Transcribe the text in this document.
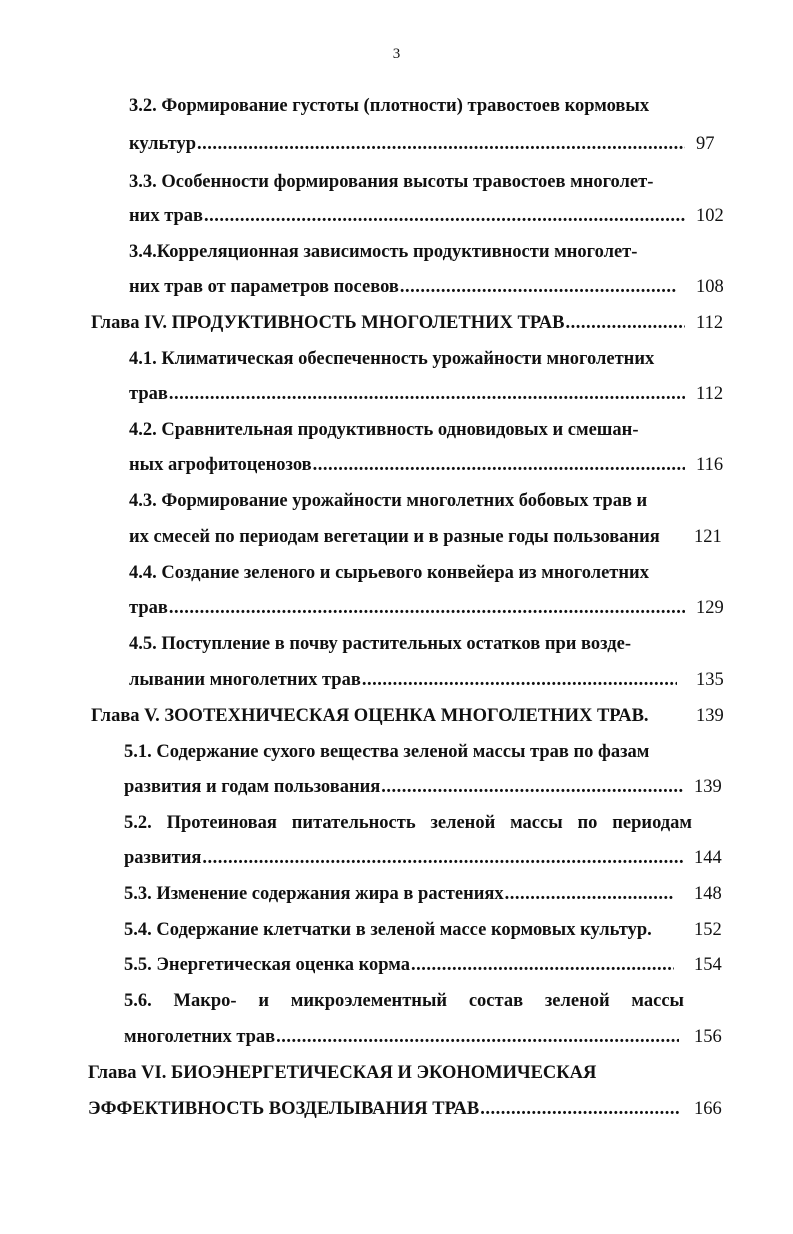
3
3.2. Формирование густоты (плотности) травостоев кормовых
культур .....	97
3.3. Особенности формирования высоты травостоев многолет-
них трав .....	102
3.4.Корреляционная зависимость продуктивности многолет-
них трав от параметров посевов .....	108
Глава IV. ПРОДУКТИВНОСТЬ МНОГОЛЕТНИХ ТРАВ .....	112
4.1. Климатическая обеспеченность урожайности многолетних
трав .....	112
4.2. Сравнительная продуктивность одновидовых и смешан-
ных агрофитоценозов .....	116
4.3. Формирование урожайности многолетних бобовых трав и
их смесей по периодам вегетации и в разные годы пользования 121
4.4. Создание зеленого и сырьевого конвейера из многолетних
трав .....	129
4.5. Поступление в почву растительных остатков при возде-
лывании многолетних трав .....	135
Глава V. ЗООТЕХНИЧЕСКАЯ ОЦЕНКА МНОГОЛЕТНИХ ТРАВ.	139
5.1. Содержание сухого вещества зеленой массы трав по фазам
развития и годам пользования .....	139
5.2. Протеиновая питательность зеленой массы по периодам
развития .....	144
5.3. Изменение содержания жира в растениях .....	148
5.4. Содержание клетчатки в зеленой массе кормовых культур. 152
5.5. Энергетическая оценка корма .....	154
5.6. Макро- и микроэлементный состав зеленой массы
многолетних трав .....	156
Глава VI. БИОЭНЕРГЕТИЧЕСКАЯ И ЭКОНОМИЧЕСКАЯ
ЭФФЕКТИВНОСТЬ ВОЗДЕЛЫВАНИЯ ТРАВ .....	166
